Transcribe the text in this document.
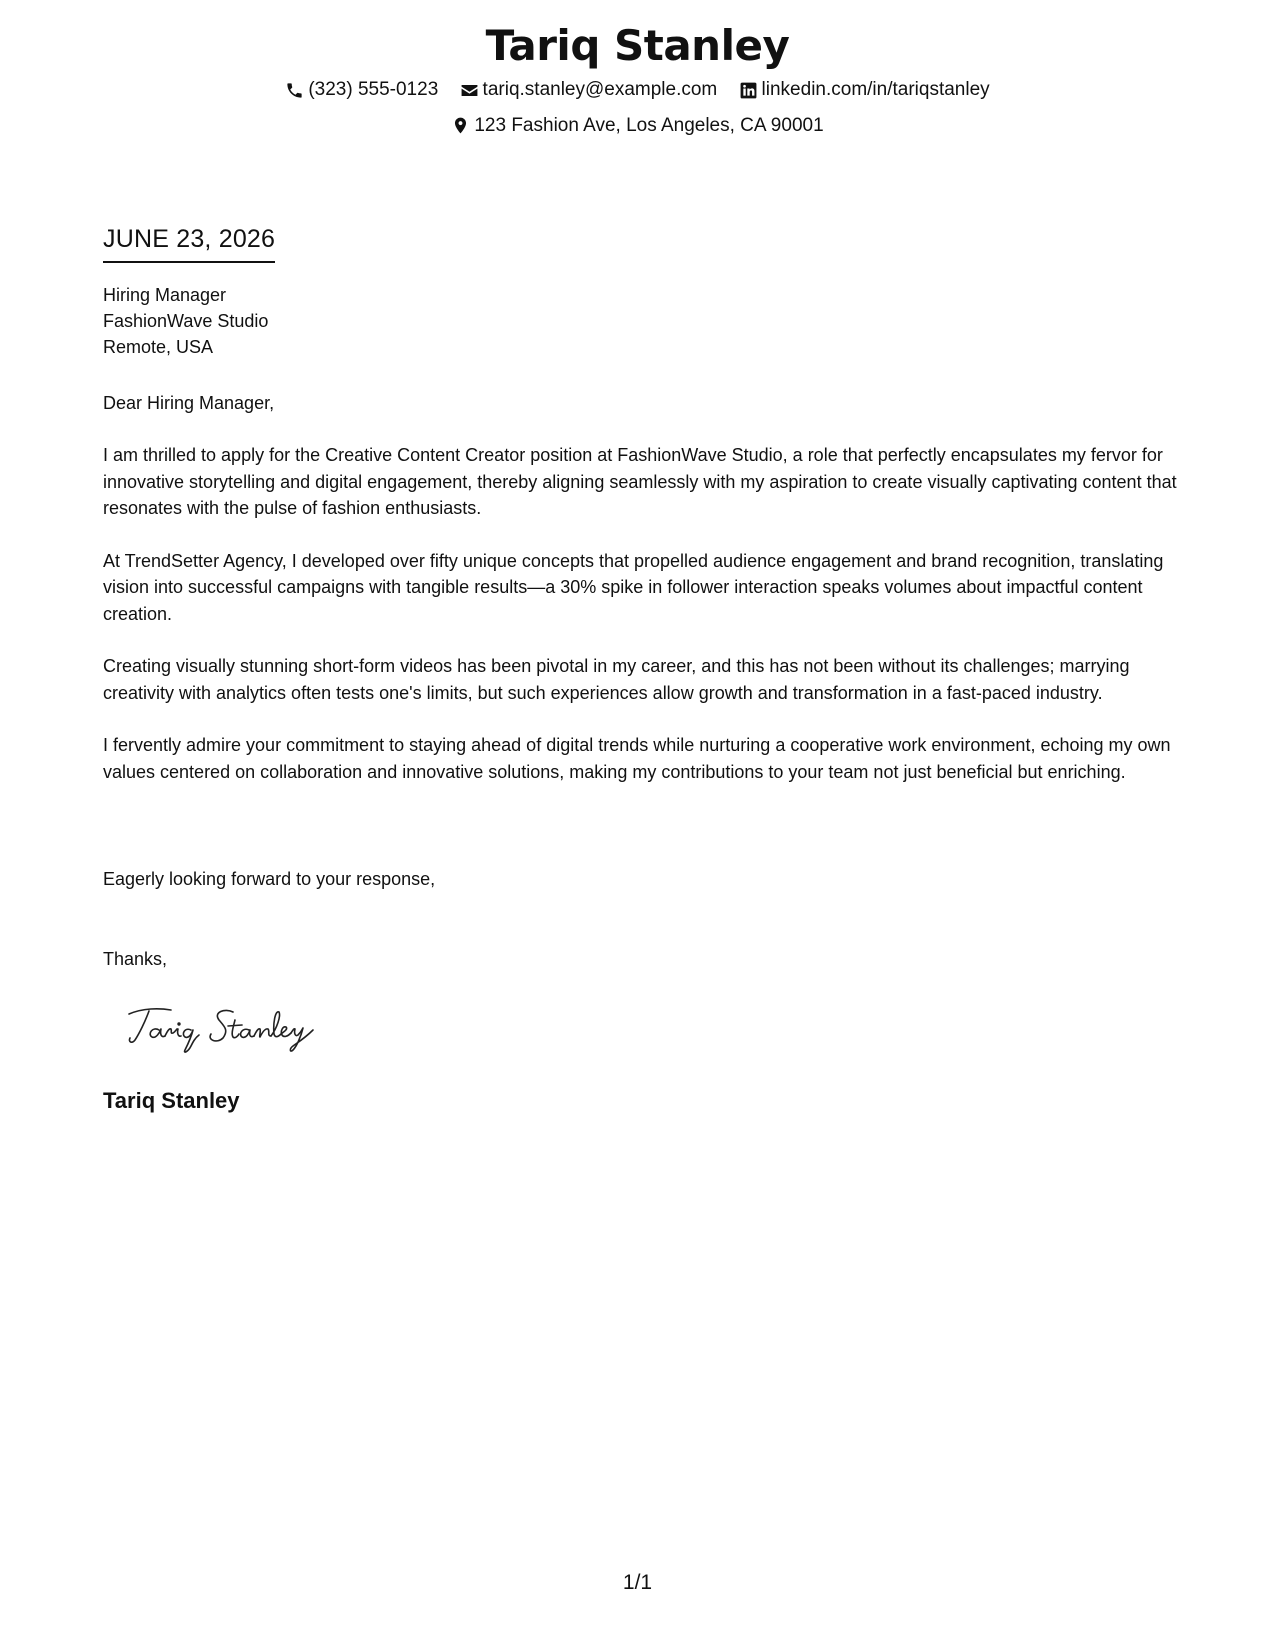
Tariq Stanley
(323) 555-0123
tariq.stanley@example.com
linkedin.com/in/tariqstanley
123 Fashion Ave, Los Angeles, CA 90001
JUNE 23, 2026
Hiring Manager
FashionWave Studio
Remote, USA
Dear Hiring Manager,

I am thrilled to apply for the Creative Content Creator position at FashionWave Studio, a role that perfectly encapsulates my fervor for innovative storytelling and digital engagement, thereby aligning seamlessly with my aspiration to create visually captivating content that resonates with the pulse of fashion enthusiasts.

At TrendSetter Agency, I developed over fifty unique concepts that propelled audience engagement and brand recognition, translating vision into successful campaigns with tangible results—a 30% spike in follower interaction speaks volumes about impactful content creation.

Creating visually stunning short-form videos has been pivotal in my career, and this has not been without its challenges; marrying creativity with analytics often tests one's limits, but such experiences allow growth and transformation in a fast-paced industry.

I fervently admire your commitment to staying ahead of digital trends while nurturing a cooperative work environment, echoing my own values centered on collaboration and innovative solutions, making my contributions to your team not just beneficial but enriching.

Eagerly looking forward to your response,
Thanks,
Tariq Stanley
1/1
